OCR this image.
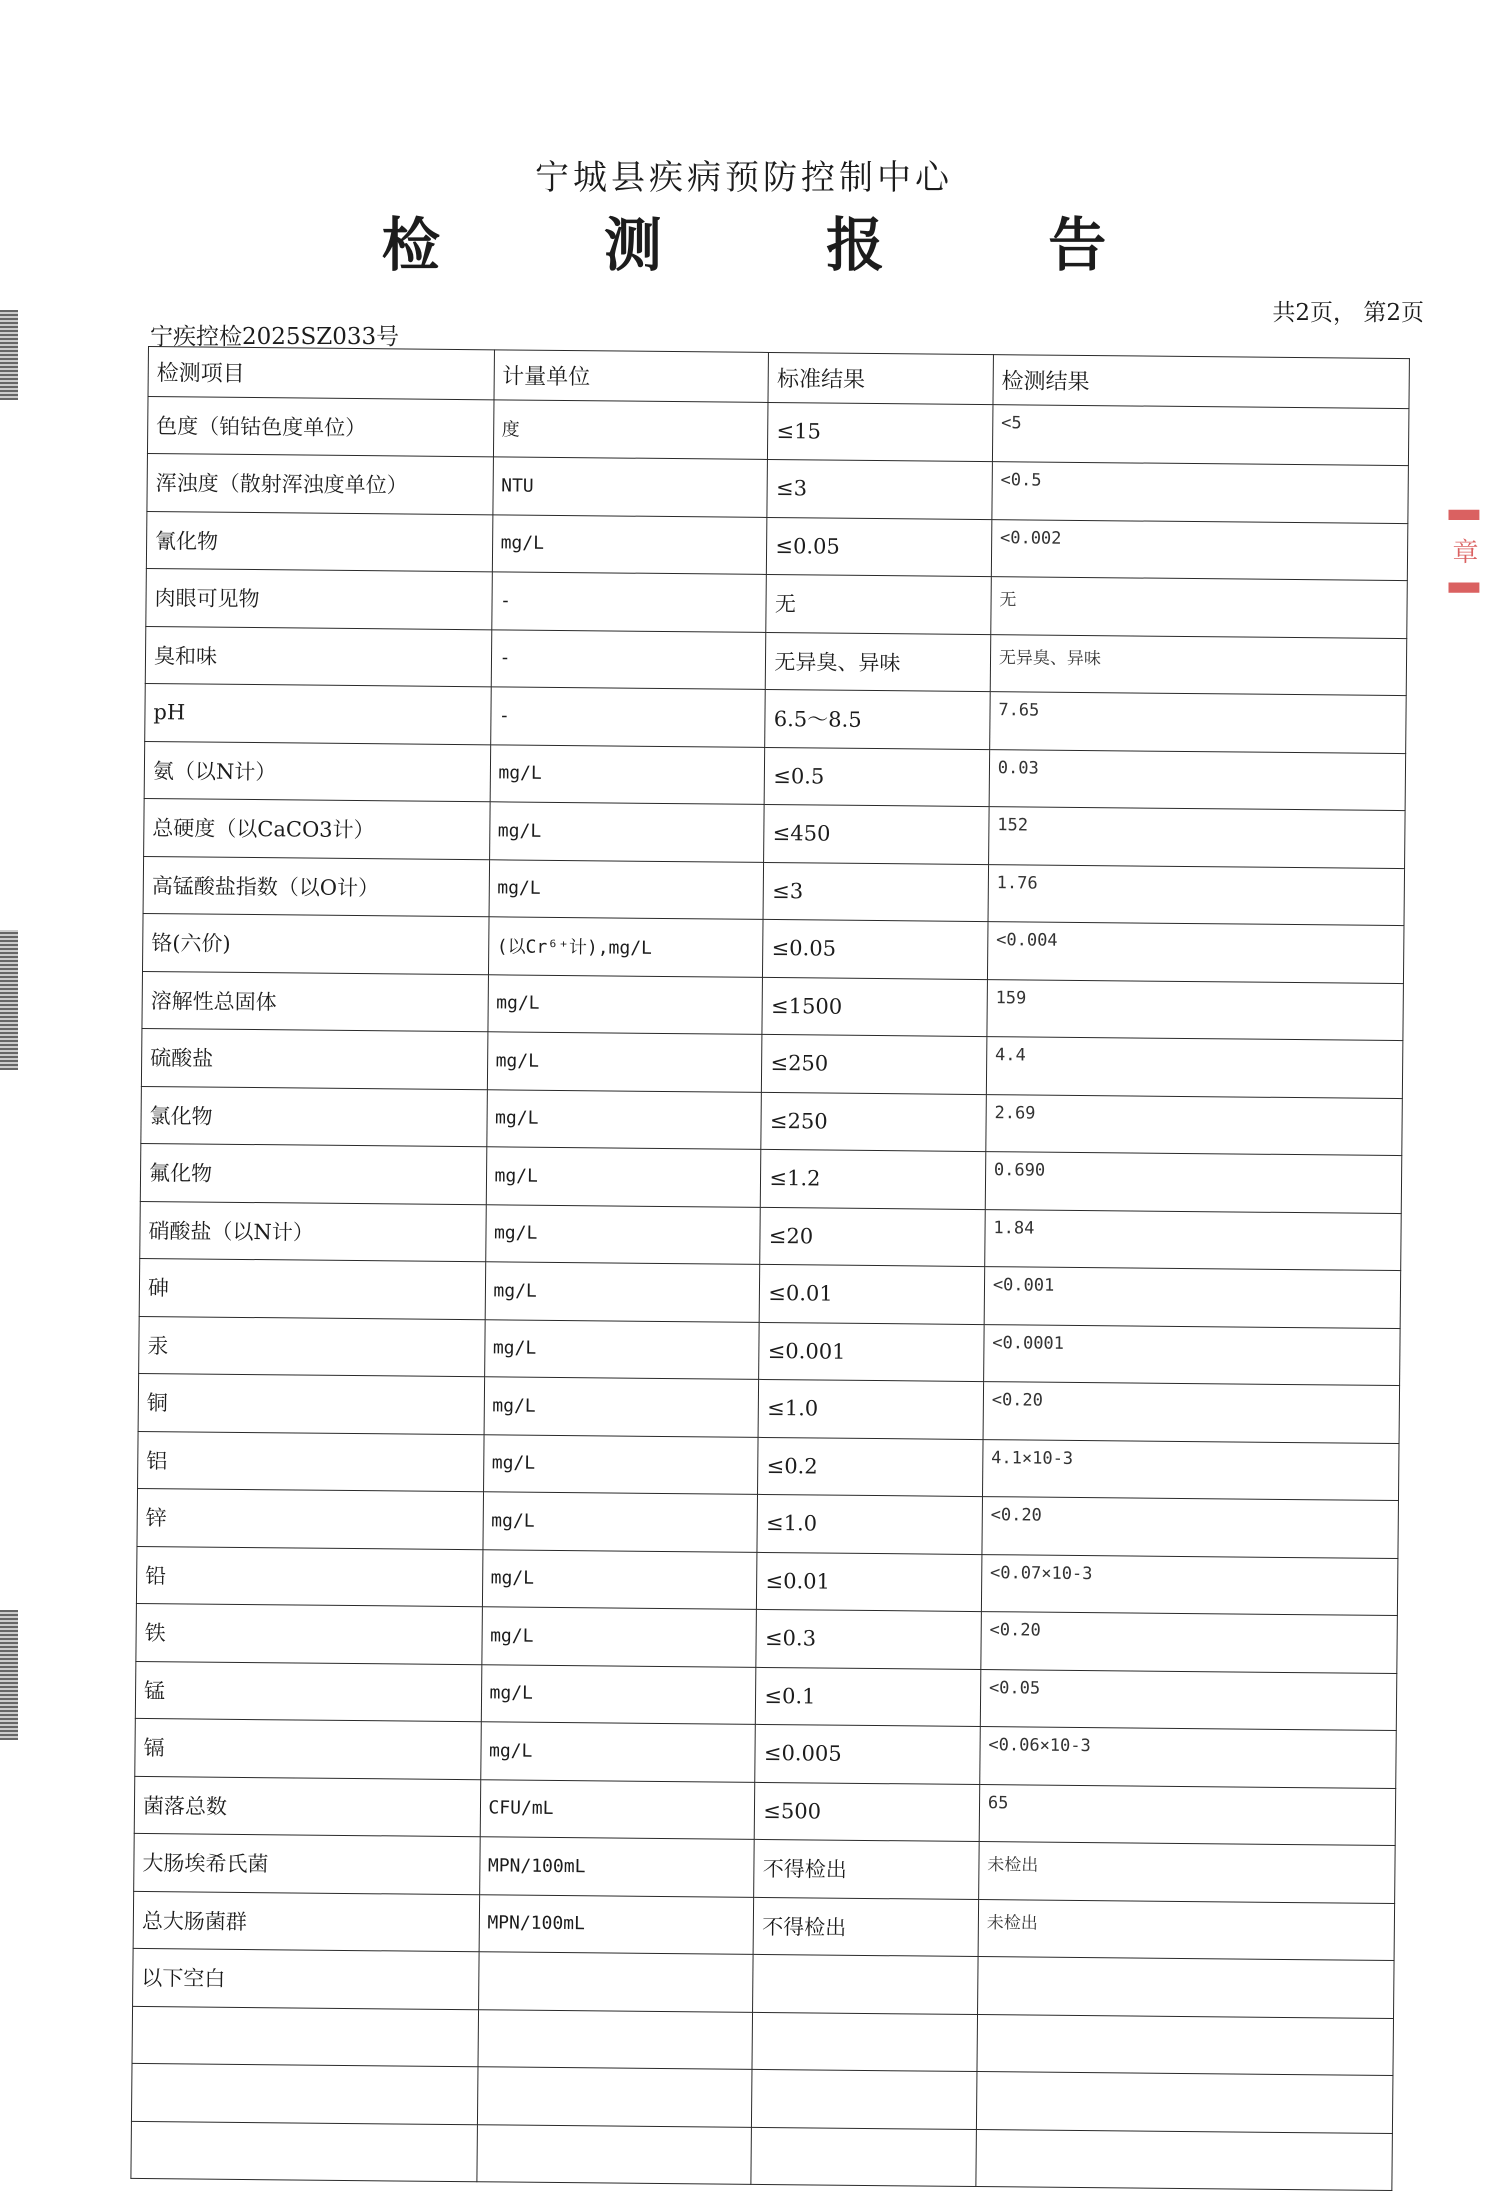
▌ 章 ▐
宁城县疾病预防控制中心
检 测 报 告
宁疾控检2025SZ033号
共2页， 第2页
检测项目	计量单位	标准结果	检测结果
色度（铂钴色度单位）	度	≤15	<5
浑浊度（散射浑浊度单位）	NTU	≤3	<0.5
氰化物	mg/L	≤0.05	<0.002
肉眼可见物	-	无	无
臭和味	-	无异臭、异味	无异臭、异味
pH	-	6.5～8.5	7.65
氨（以N计）	mg/L	≤0.5	0.03
总硬度（以CaCO3计）	mg/L	≤450	152
高锰酸盐指数（以O计）	mg/L	≤3	1.76
铬(六价)	(以Cr⁶⁺计),mg/L	≤0.05	<0.004
溶解性总固体	mg/L	≤1500	159
硫酸盐	mg/L	≤250	4.4
氯化物	mg/L	≤250	2.69
氟化物	mg/L	≤1.2	0.690
硝酸盐（以N计）	mg/L	≤20	1.84
砷	mg/L	≤0.01	<0.001
汞	mg/L	≤0.001	<0.0001
铜	mg/L	≤1.0	<0.20
铝	mg/L	≤0.2	4.1×10-3
锌	mg/L	≤1.0	<0.20
铅	mg/L	≤0.01	<0.07×10-3
铁	mg/L	≤0.3	<0.20
锰	mg/L	≤0.1	<0.05
镉	mg/L	≤0.005	<0.06×10-3
菌落总数	CFU/mL	≤500	65
大肠埃希氏菌	MPN/100mL	不得检出	未检出
总大肠菌群	MPN/100mL	不得检出	未检出
以下空白			
